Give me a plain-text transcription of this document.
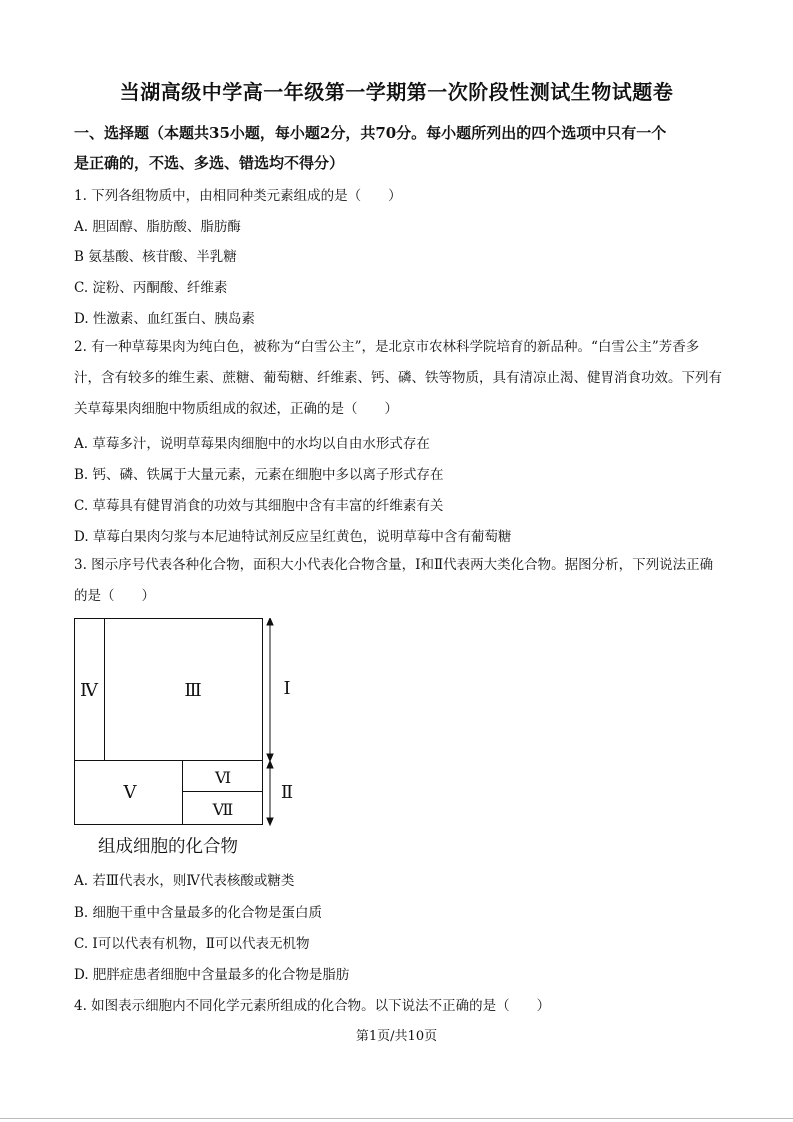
当湖高级中学高一年级第一学期第一次阶段性测试生物试题卷
一、选择题（本题共35小题，每小题2分，共70分。每小题所列出的四个选项中只有一个
是正确的，不选、多选、错选均不得分）
1. 下列各组物质中，由相同种类元素组成的是（　　）
A. 胆固醇、脂肪酸、脂肪酶
B 氨基酸、核苷酸、半乳糖
C. 淀粉、丙酮酸、纤维素
D. 性激素、血红蛋白、胰岛素
2. 有一种草莓果肉为纯白色，被称为“白雪公主”，是北京市农林科学院培育的新品种。“白雪公主”芳香多汁，含有较多的维生素、蔗糖、葡萄糖、纤维素、钙、磷、铁等物质，具有清凉止渴、健胃消食功效。下列有关草莓果肉细胞中物质组成的叙述，正确的是（　　）
A. 草莓多汁，说明草莓果肉细胞中的水均以自由水形式存在
B. 钙、磷、铁属于大量元素，元素在细胞中多以离子形式存在
C. 草莓具有健胃消食的功效与其细胞中含有丰富的纤维素有关
D. 草莓白果肉匀浆与本尼迪特试剂反应呈红黄色，说明草莓中含有葡萄糖
3. 图示序号代表各种化合物，面积大小代表化合物含量，Ⅰ和Ⅱ代表两大类化合物。据图分析，下列说法正确的是（　　）
Ⅳ	Ⅲ	Ⅰ
Ⅴ
Ⅵ
Ⅶ
Ⅱ
组成细胞的化合物
A. 若Ⅲ代表水，则Ⅳ代表核酸或糖类
B. 细胞干重中含量最多的化合物是蛋白质
C. Ⅰ可以代表有机物，Ⅱ可以代表无机物
D. 肥胖症患者细胞中含量最多的化合物是脂肪
4. 如图表示细胞内不同化学元素所组成的化合物。以下说法不正确的是（　　）
第1页/共10页
